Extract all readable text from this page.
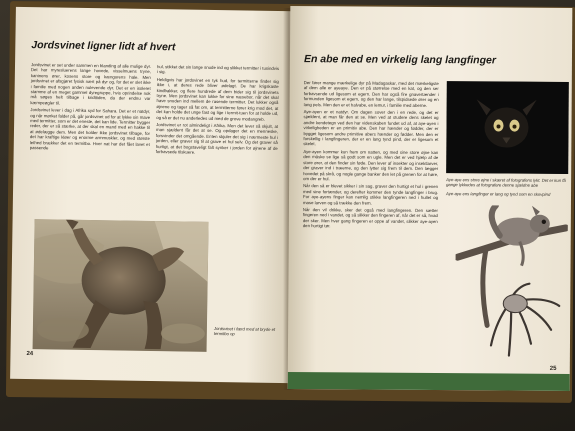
Jordsvinet ligner lidt af hvert
Jordsvinet er set under sammen en blanding af alle mulige dyr. Det har myresluerens lange hovede, visselmuens tryne, kaninens ører, kosens store og kængurens hale. Men jordsvinet er afsgjøret fysisk nært på dyr og, for det er slet ikke i familie med nogen anden nulevende dyr. Det er en isoleret stamme af en meget gammel dyregruppe, hvis oprindelse nok må søges helt tilbage i kridttiden, da der endnu var kæmpeøgler til.
Jordsvinet lever i dag i Afrika syd for Sahara. Det er et natdyr, og når mørket falder på, går jordsvinet ud for at lykke sin mave med termitter, som er det eneste, det kan lide. Termitter bygger reder, der er så stærke, at der skal en mand med en hakke til at ødelægge dem. Men det holder ikke jordsvinet tilbage, for det har kraftige kløer og enorme armmuskler, og med største lethed brækker det en termitbo. Hver nat har det fået lavet et passende
hul, stikket det sin lange snude ind og slikket termitter i tusindvis i sig.
Heldigvis har jordsvinet en tyk hud, for termitterne finder sig ikke i, at deres rede bliver ødelagt. De har krigskaste kindbakker, og flere hundrede af dem bider sig til jordsvinets tryne. Men jordsvinet kan lukke for sine næsebor, når det skal have snuden ind mellem de rasende termitter. Det lukker også øjnene og tager så fat om, at termitterne fører krig mod det, at det kan holde det unge fast og lige i termit-tuen for at holde ud, og så er det nu anderledes ud med de grove modangreb.
Jordsvinet er rot almindeligt i Afrika. Men det lever så skjult, at man sjældent får det at se. Og opdager det en menneske, forsvinder det omgående. Enten skjuler det sig i nærmeste hul i jorden, eller graver sig til at grave et hul selv. Og det graver så hurtigt, at det bogstaveligt falt synker i jorden for øjnene af de forbavsede tilskuere.
Jordsvinet i færd med at bryde et termitbo op
24
En abe med en virkelig lang langfinger
Der fører mange mærkelige dyr på Madagaskar, med det mærkeligste af dem alle er ayeaye. Den er på størrelse med en kat, og den ser forbavsende ud ligesom et egern. Den har også fire gnavertænder i formunden ligesom et egern, og den har lange, tilspidsede ører og en lang pels. Men den er et halvabe, en lemur, i familie med aberne.
Aye-ayen er et natdyr. Om dagen sover den i en rede, og det er sjældent, at man får den at se. Men ved at studere dens skelet og andre kendetegn ved den har videnskaben fundet ud af, at aye-ayen i virkeligheden er en primitiv abe. Den har hænder og fødder, der er bygget ligesom andre primitive abers hænder og fødder. Men den er forskellig i langfingeren, der er en lang tynd pind, der er ligesom et skelet.
Aye-ayen kommer kun frem om natten, og med sine store øjne kan den måske se lige så godt som en ugle. Men det er ved hjælp af de store ører, at den finder sin føde. Den lever af insekter og insektlarver, der graver ind i træerne, og den lytter sig frem til dem. Den lægger hovedet på skrå, og nogle gange banker den let på grenen for at høre, om der er hul.
Når den så er blevet sikker i sin sag, graver den hurtigt et hul i grenen med sine fortænder, og derefter kommer den tynde langfinger i brug. For aye-ayens finger kan nemlig stikke langfingeren ned i hullet og mase larven og så trække den frem.
Når den vil drikke, sker det også med langfingeren. Den sætter fingeren ned i vandet, og så slikker den fingeren af, når det er så, hvad der sker. Men hver gang fingeren er oppe af vandet, slikker aye-ayen den hurtigt tør.
Aye-aye ens store øjne i skæret af fotografens lykt. Det er kun få gange lykkedes at fotografere denne sjældne abe
Aye-aye ens langfinger er lang og tynd som en skovpind
25
